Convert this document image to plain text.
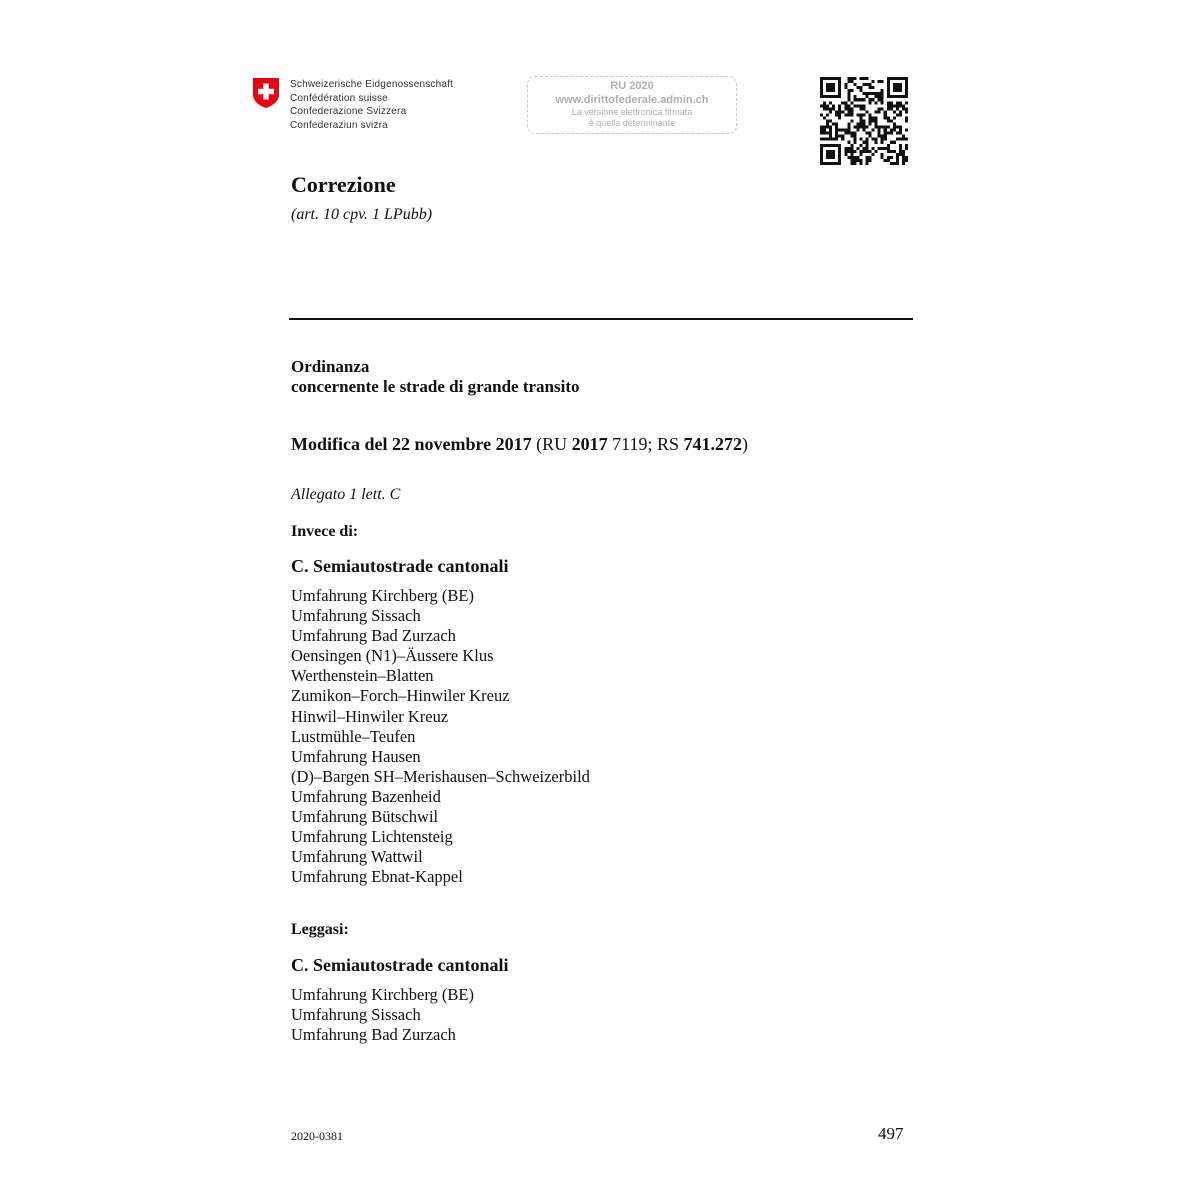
Schweizerische Eidgenossenschaft
Confédération suisse
Confederazione Svizzera
Confederaziun svizra
RU 2020
www.dirittofederale.admin.ch
La versione elettronica firmata
è quella determinante
Correzione
(art. 10 cpv. 1 LPubb)
Ordinanza
concernente le strade di grande transito
Modifica del 22 novembre 2017 (RU 2017 7119; RS 741.272)
Allegato 1 lett. C
Invece di:
C. Semiautostrade cantonali
Umfahrung Kirchberg (BE)
Umfahrung Sissach
Umfahrung Bad Zurzach
Oensingen (N1)–Äussere Klus
Werthenstein–Blatten
Zumikon–Forch–Hinwiler Kreuz
Hinwil–Hinwiler Kreuz
Lustmühle–Teufen
Umfahrung Hausen
(D)–Bargen SH–Merishausen–Schweizerbild
Umfahrung Bazenheid
Umfahrung Bütschwil
Umfahrung Lichtensteig
Umfahrung Wattwil
Umfahrung Ebnat-Kappel
Leggasi:
C. Semiautostrade cantonali
Umfahrung Kirchberg (BE)
Umfahrung Sissach
Umfahrung Bad Zurzach
2020-0381	497
